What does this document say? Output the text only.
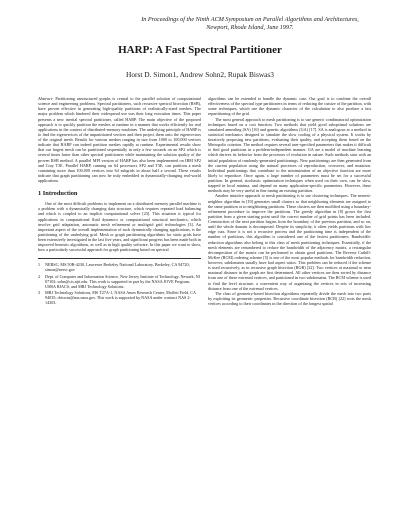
In Proceedings of the Ninth ACM Symposium on Parallel Algorithms and Architectures, Newport, Rhode Island, June 1997.
HARP: A Fast Spectral Partitioner
Horst D. Simon1, Andrew Sohn2, Rupak Biswas3

Abstract- Partitioning unstructured graphs is central to the parallel solution of computational science and engineering problems. Spectral partitioners, such recursive spectral bisection (RSB), have proven effective in generating high-quality partitions of realistically-sized meshes. The major problem which hindered their widespread use was their long execution times. This paper presents a new inertial spectral partitioner, called HARP. The main objective of the proposed approach is to quickly partition the meshes at runtime in a manner that works efficiently for real applications in the context of distributed-memory machines. The underlying principle of HARP is to find the eigenvectors of the unpartitioned vertices and then project them onto the eigenvectors of the original mesh. Results for various meshes ranging in size from 1000 to 100,000 vertices indicate that HARP can indeed partition meshes rapidly at runtime. Experimental results show that our largest mesh can be partitioned sequentially in only a few seconds on an SP2 which is several times faster than other spectral partitioners while maintaining the solution quality of the proven RSB method. A parallel MPI version of HARP has also been implemented on IBM SP2 and Cray T3E. Parallel HARP, running on 64 processors SP2 and T3E, can partition a mesh containing more than 100,000 vertices into 64 subgrids in about half a second. These results indicate that graph partitioning can now be truly embedded in dynamically-changing real-world applications.

1 Introduction

One of the most difficult problems to implement on a distributed memory parallel machine is a problem with a dynamically changing data structure, which requires repeated load balancing and which is coupled to an implicit computational solver [23]. This situation is typical for applications in computational fluid dynamics or computational structural mechanics, which involve grid adaptation, automatic mesh refinement or multigrid grid technologies [3]. An important aspect of the overall implementation of such dynamically changing applications, is the partitioning of the underlying grid. Mesh or graph partitioning algorithms for static grids have been extensively investigated in the last five years, and significant progress has been made both in improved heuristic algorithms, as well as in high quality software. In this paper we want to show, how a particularly successful approach for graph partitioning based on spectral

1	NERSC, MS 50B-4230, Lawrence Berkeley National Laboratory, Berkeley, CA 94720; simon@nersc.gov
2	Dept. of Computer and Information Science, New Jersey Institute of Technology, Newark, NJ 07102; sohn@cis.njit.edu. This work is supported in part by the NASA JOVE Program, USRA RIACS, and MRJ Technology Solutions.
3	MRJ Technology Solutions, MS T27A-1, NASA Ames Research Center, Moffett Field, CA 94035; rbiswas@nas.nasa.gov. This work is supported by NASA under contract NAS 2-14303.

algorithms can be extended to handle the dynamic case. Our goal is to combine the overall effectiveness of the spectral type partitioners in terms of reducing the cutsize of the partition, with some techniques, which use the dynamic character of the calculation to also produce a fast repartitioning of the grid.

The most general approach to mesh partitioning is to use generic combinatorial optimization techniques based on a cost function. Two methods that yield good suboptimal solutions are simulated annealing (SA) [16] and genetic algorithms (GA) [17]. SA is analogous to a method in statistical mechanics designed to simulate the slow cooling of a physical system. It works by iteratively proposing new partitions, evaluating their quality, and accepting them based on the Metropolis criterion. The method requires several user-specified parameters that makes it difficult to find good partitions in a problem-independent manner. GA are a model of machine learning which derives its behavior from the processes of evolution in nature. Such methods start with an initial population of randomly-generated partitionings. New partitionings are then generated from the current population using the natural processes of reproduction, crossover, and mutation. Individual partitionings that contribute to the minimization of an objective function are more likely to reproduce. Once again, a large number of parameters must be set for a successful partition. In general, stochastic optimization techniques when used on their own, can be slow, trapped in local minima, and depend on many application-specific parameters. However, these methods may be very useful in fine tuning an existing partition.

Another intuitive approach to mesh partitioning is to use clustering techniques. The nearest-neighbor algorithm in [19] generates small clusters so that neighboring elements are assigned to the same partition or to neighboring partitions. These clusters are then modified using a boundary-refinement procedure to improve the partitions. The greedy algorithm in [8] grows the first partition from a given starting point until the correct number of grid points has been included. Construction of the next partition begins from the boundary of the previous partition, and so on, until the whole domain is decomposed. Despite its simplicity, it often yields partitions with low edge cuts. Since it is not a recursive process and the partitioning time is independent of the number of partitions, this algorithm is considered one of the fastest partitioners. Bandwidth-reduction algorithms also belong to this class of mesh partitioning techniques. Essentially, if the mesh elements are renumbered to reduce the bandwidth of the adjacency matrix, a rectangular decomposition of the matrix can be performed to obtain good partitions. The Reverse Cuthill-McKee (RCM) ordering scheme [5] is one of the most popular methods for bandwidth reduction, however, subdomains usually have bad aspect ratios. This problem can be reduced if the scheme is used recursively, as in recursive graph bisection (RGB) [22]. Two vertices at maximal or near maximal distance in the graph are first determined. All other vertices are then sorted by distance from one of these extremal vertices, and partitioned in two subdomains. The RCM scheme is used to find the level structure, a convenient way of organizing the vertices in sets of increasing distance from one of the extremal vertices.

The class of geometry-based bisection algorithms repeatedly divide the mesh into two parts by exploiting its geometric properties. Recursive coordinate bisection (RCB) [22] sorts the mesh vertices according to their coordinates in the direction of the longest spatial
